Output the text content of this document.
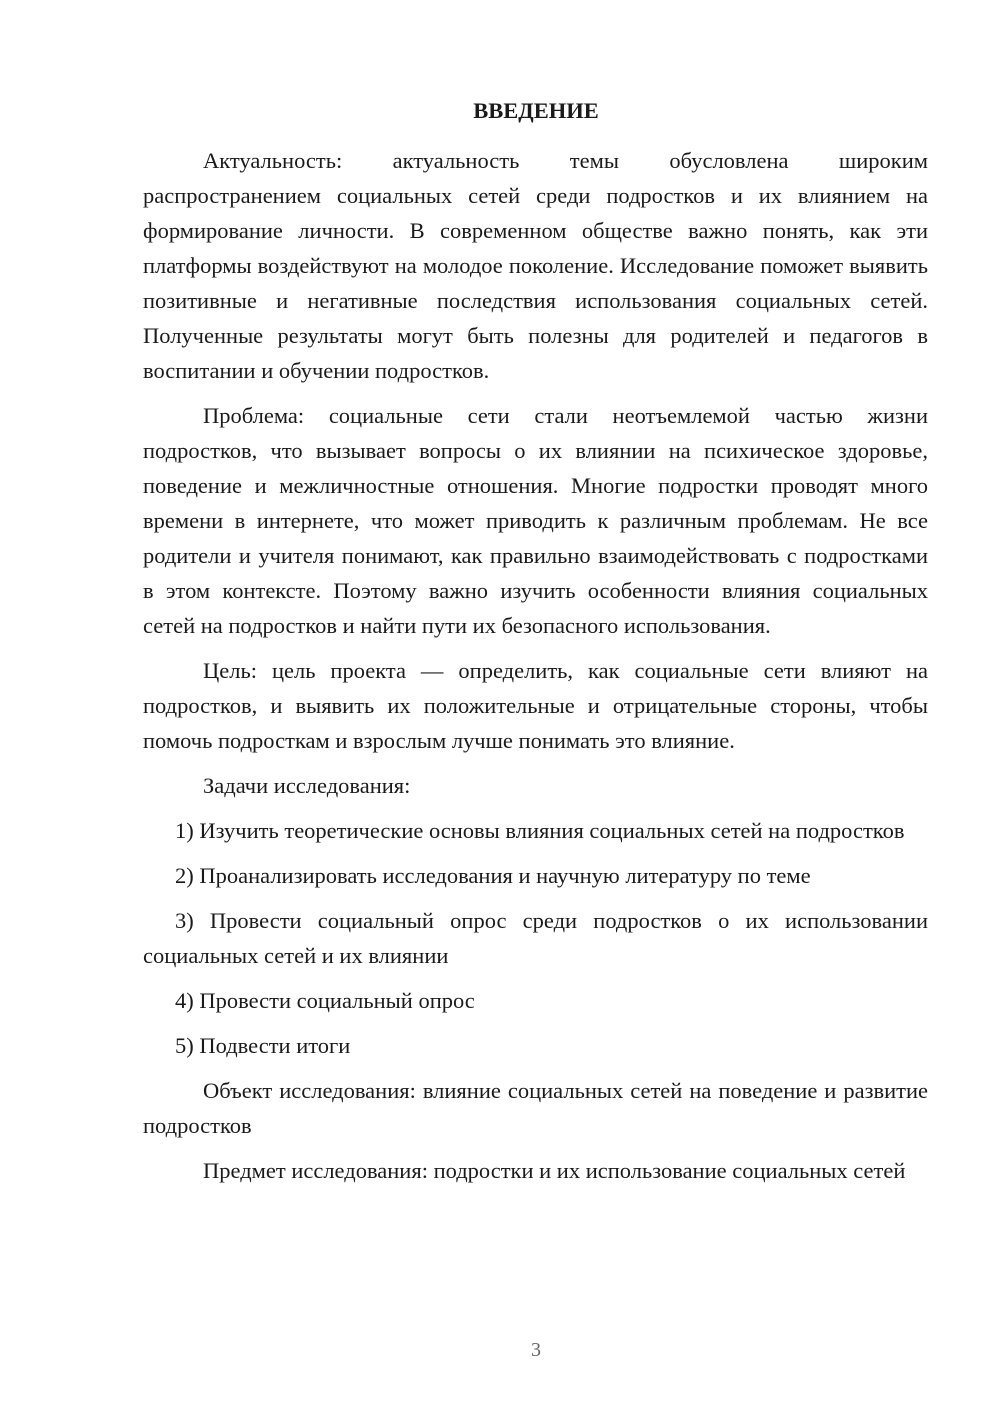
ВВЕДЕНИЕ

Актуальность: актуальность темы обусловлена широким распространением социальных сетей среди подростков и их влиянием на формирование личности. В современном обществе важно понять, как эти платформы воздействуют на молодое поколение. Исследование поможет выявить позитивные и негативные последствия использования социальных сетей. Полученные результаты могут быть полезны для родителей и педагогов в воспитании и обучении подростков.

Проблема: социальные сети стали неотъемлемой частью жизни подростков, что вызывает вопросы о их влиянии на психическое здоровье, поведение и межличностные отношения. Многие подростки проводят много времени в интернете, что может приводить к различным проблемам. Не все родители и учителя понимают, как правильно взаимодействовать с подростками в этом контексте. Поэтому важно изучить особенности влияния социальных сетей на подростков и найти пути их безопасного использования.

Цель: цель проекта — определить, как социальные сети влияют на подростков, и выявить их положительные и отрицательные стороны, чтобы помочь подросткам и взрослым лучше понимать это влияние.

Задачи исследования:

1) Изучить теоретические основы влияния социальных сетей на подростков

2) Проанализировать исследования и научную литературу по теме

3) Провести социальный опрос среди подростков о их использовании социальных сетей и их влиянии

4) Провести социальный опрос

5) Подвести итоги

Объект исследования: влияние социальных сетей на поведение и развитие подростков

Предмет исследования: подростки и их использование социальных сетей

3
